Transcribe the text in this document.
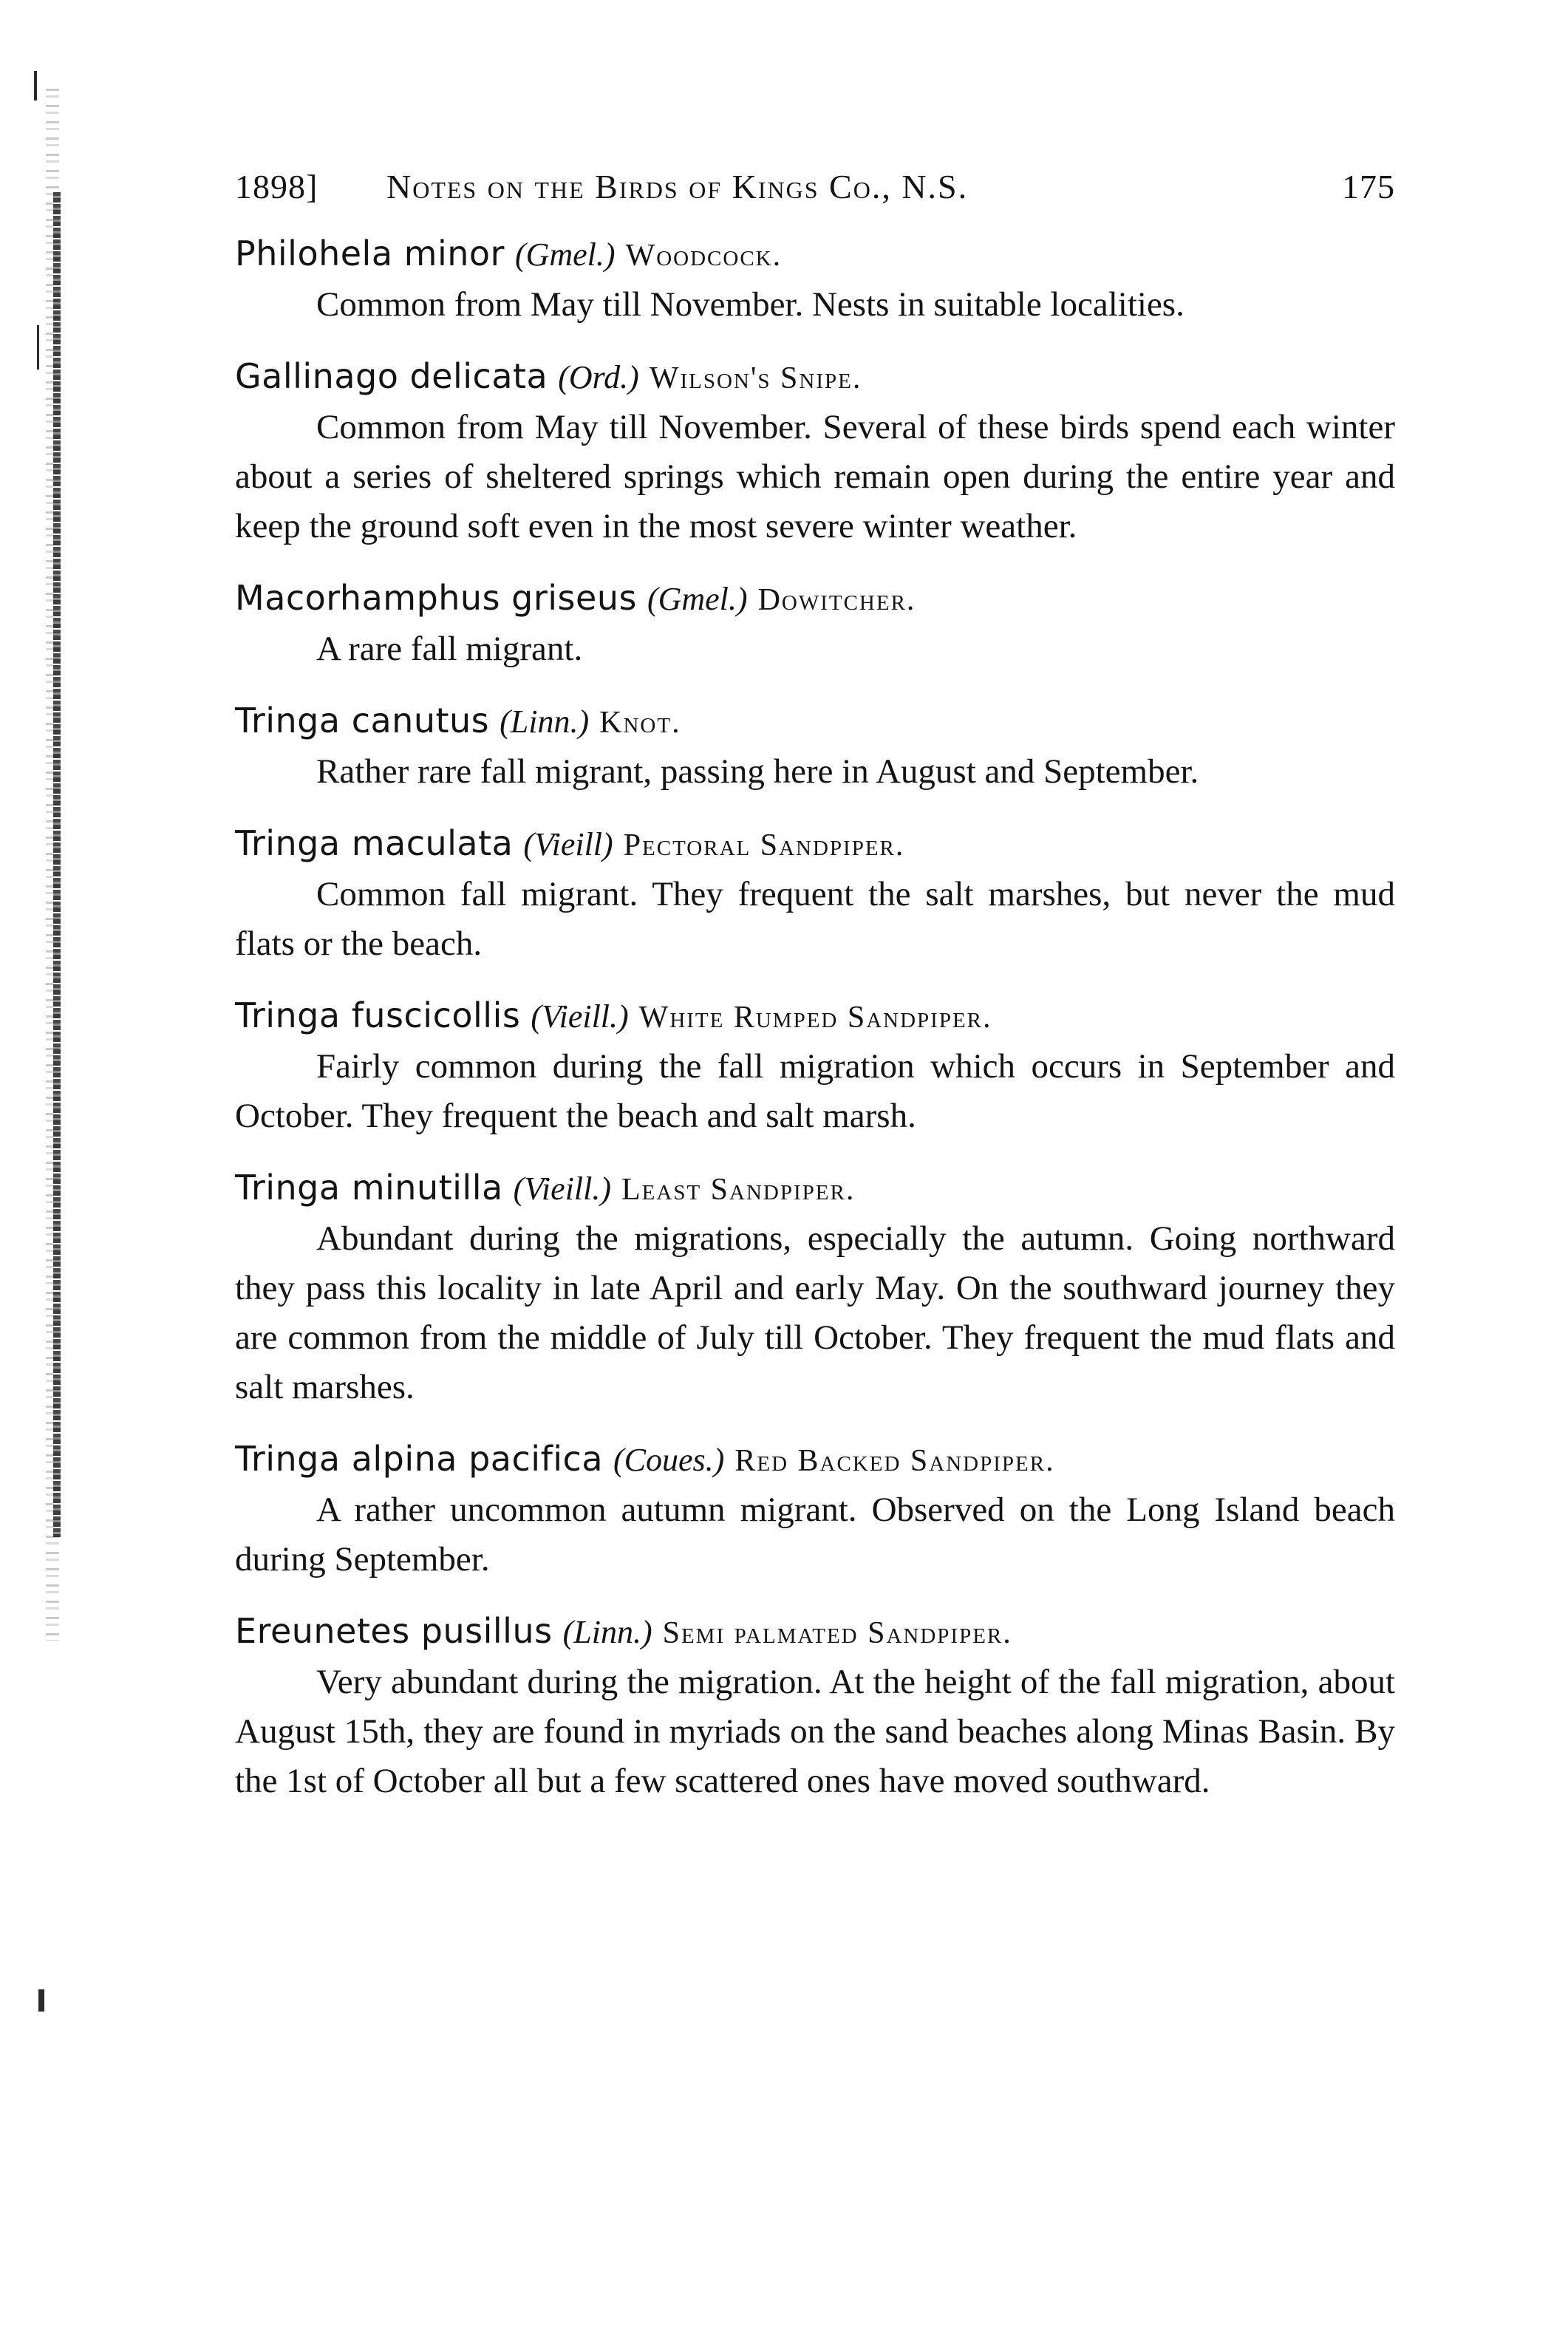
1898] Notes on the Birds of Kings Co., N.S.	175
Philohela minor (Gmel.) Woodcock.

Common from May till November. Nests in suitable localities.

Gallinago delicata (Ord.) Wilson's Snipe.

Common from May till November. Several of these birds spend each winter about a series of sheltered springs which remain open during the entire year and keep the ground soft even in the most severe winter weather.

Macorhamphus griseus (Gmel.) Dowitcher.

A rare fall migrant.

Tringa canutus (Linn.) Knot.

Rather rare fall migrant, passing here in August and September.

Tringa maculata (Vieill) Pectoral Sandpiper.

Common fall migrant. They frequent the salt marshes, but never the mud flats or the beach.

Tringa fuscicollis (Vieill.) White Rumped Sandpiper.

Fairly common during the fall migration which occurs in September and October. They frequent the beach and salt marsh.

Tringa minutilla (Vieill.) Least Sandpiper.

Abundant during the migrations, especially the autumn. Going northward they pass this locality in late April and early May. On the southward journey they are common from the middle of July till October. They frequent the mud flats and salt marshes.

Tringa alpina pacifica (Coues.) Red Backed Sandpiper.

A rather uncommon autumn migrant. Observed on the Long Island beach during September.

Ereunetes pusillus (Linn.) Semi palmated Sandpiper.

Very abundant during the migration. At the height of the fall migration, about August 15th, they are found in myriads on the sand beaches along Minas Basin. By the 1st of October all but a few scattered ones have moved southward.
